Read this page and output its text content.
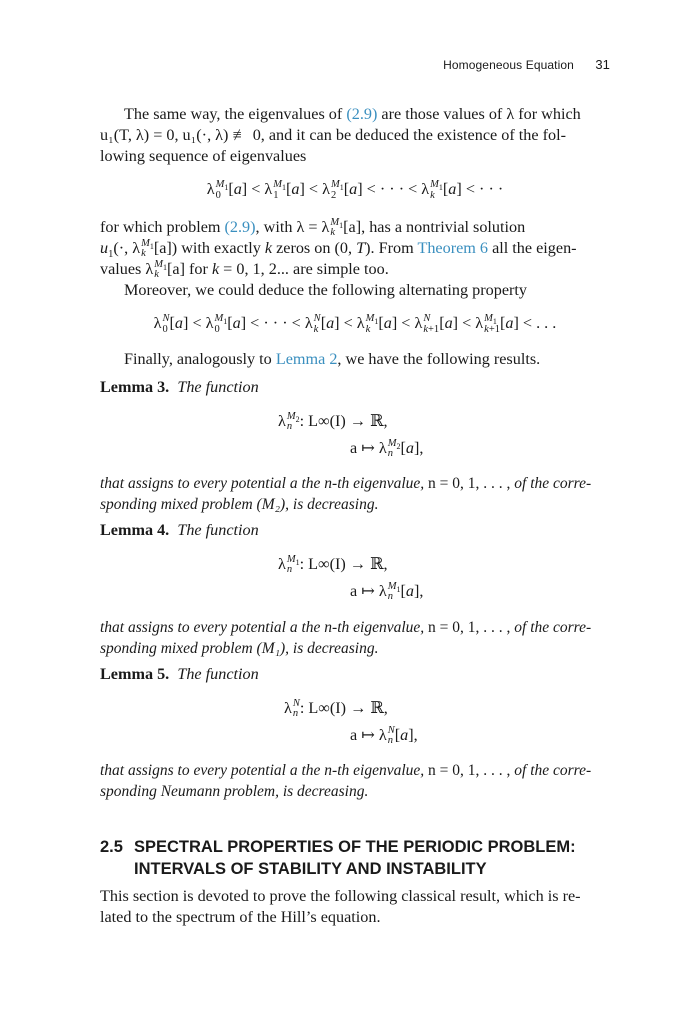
Homogeneous Equation 31
The same way, the eigenvalues of (2.9) are those values of λ for which
u₁(T, λ) = 0, u₁(·, λ) ≢ 0, and it can be deduced the existence of the fol-
lowing sequence of eigenvalues
λ $M_1$
0 [a] < λ $M_1$
1 [a] < λ $M_1$
2 [a] < · · · < λ $M_1$
k [a] < · · ·
for which problem (2.9), with λ = λ $M_1$
k [a], has a nontrivial solution
$u_1(\cdot$, λ $M_1$
k [a]) with exactly k zeros on (0, T). From Theorem 6 all the eigen-
values λ $M_1$
k [a] for k = 0, 1, 2... are simple too.
Moreover, we could deduce the following alternating property
λ N
0 [a] < λ $M_1$
0 [a] < · · · < λ N
k [a] < λ $M_1$
k [a] < λ N
k+1 [a] < λ $M_1$
k+1 [a] < . . .
Finally, analogously to Lemma 2, we have the following results.
Lemma 3. The function
λ $M_2$
n : L∞(I) → ℝ,
a ↦ λ $M_2$
n [a],
that assigns to every potential a the n-th eigenvalue, n = 0, 1, . . . , of the corre-
sponding mixed problem (M₂), is decreasing.
Lemma 4. The function
λ $M_1$
n : L∞(I) → ℝ,
a ↦ λ $M_1$
n [a],
that assigns to every potential a the n-th eigenvalue, n = 0, 1, . . . , of the corre-
sponding mixed problem (M₁), is decreasing.
Lemma 5. The function
λ N
n : L∞(I) → ℝ,
a ↦ λ N
n [a],
that assigns to every potential a the n-th eigenvalue, n = 0, 1, . . . , of the corre-
sponding Neumann problem, is decreasing.
2.5 SPECTRAL PROPERTIES OF THE PERIODIC PROBLEM:
INTERVALS OF STABILITY AND INSTABILITY
This section is devoted to prove the following classical result, which is re-
lated to the spectrum of the Hill’s equation.
